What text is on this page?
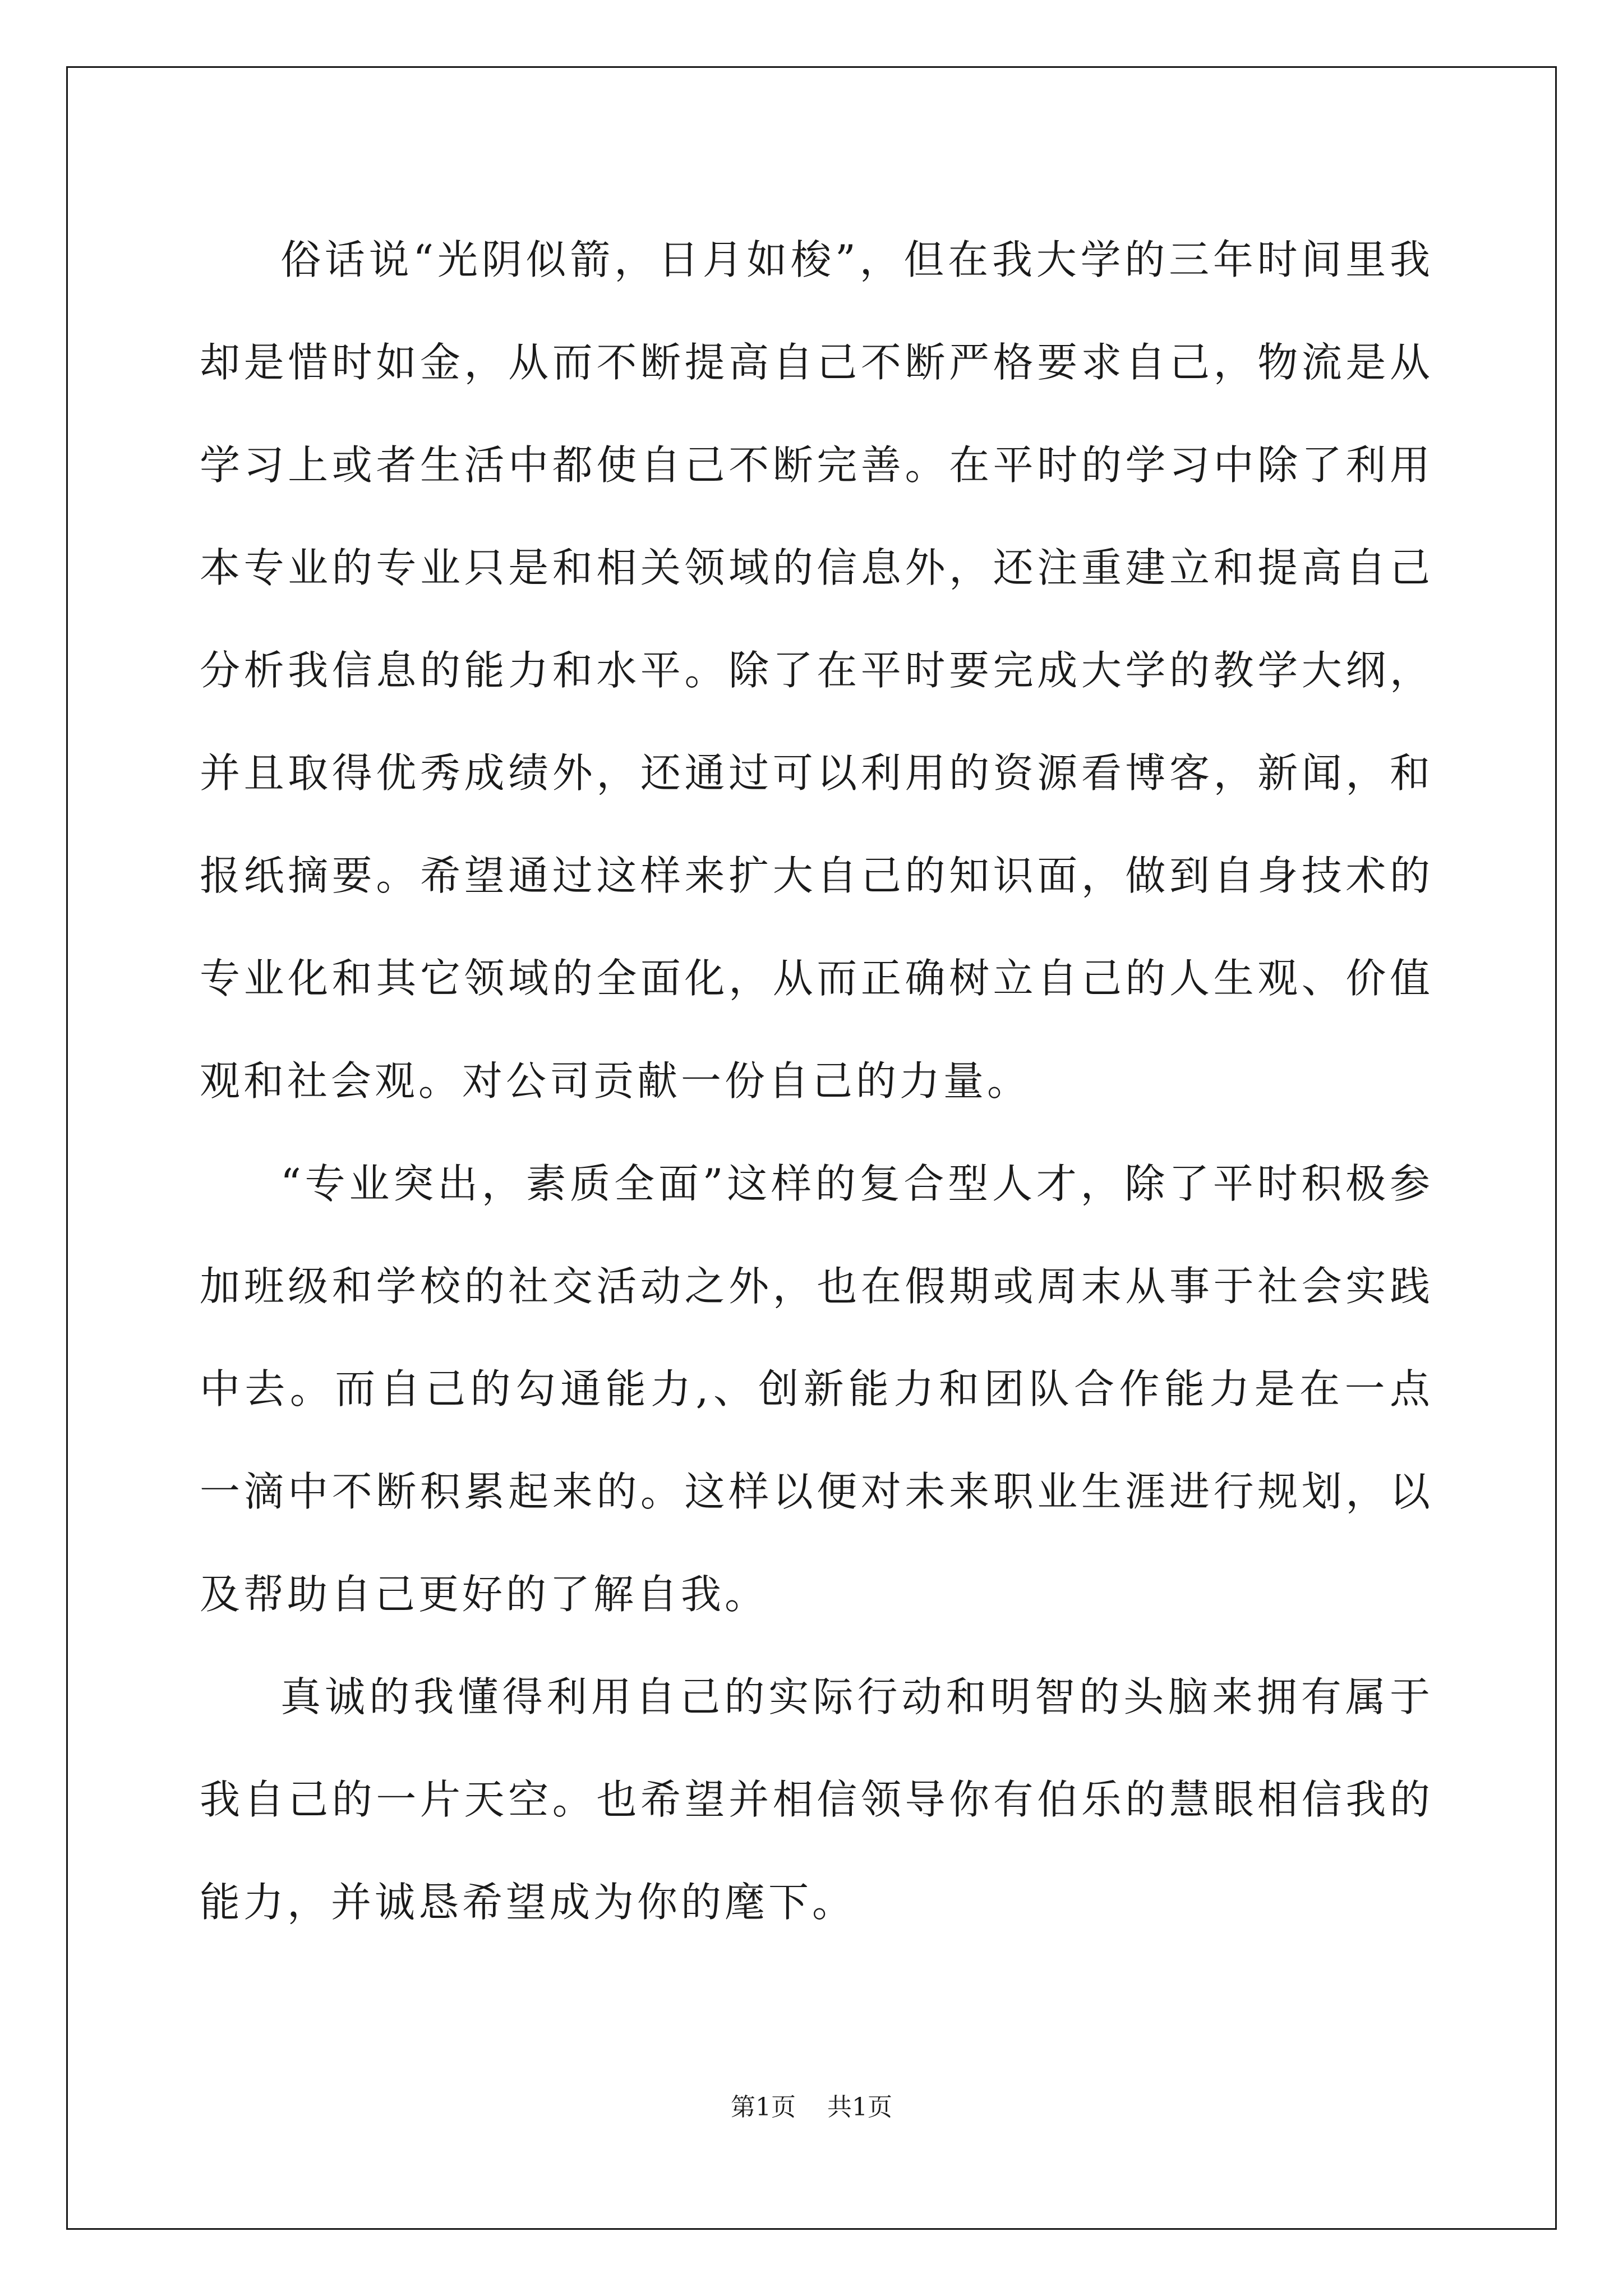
俗话说“光阴似箭，日月如梭”，但在我大学的三年时间里我却是惜时如金，从而不断提高自己不断严格要求自己，物流是从学习上或者生活中都使自己不断完善。在平时的学习中除了利用本专业的专业只是和相关领域的信息外，还注重建立和提高自己分析我信息的能力和水平。除了在平时要完成大学的教学大纲，并且取得优秀成绩外，还通过可以利用的资源看博客，新闻，和报纸摘要。希望通过这样来扩大自己的知识面，做到自身技术的专业化和其它领域的全面化，从而正确树立自己的人生观、价值观和社会观。对公司贡献一份自己的力量。

“专业突出，素质全面”这样的复合型人才，除了平时积极参加班级和学校的社交活动之外，也在假期或周末从事于社会实践中去。而自己的勾通能力,、创新能力和团队合作能力是在一点一滴中不断积累起来的。这样以便对未来职业生涯进行规划，以及帮助自己更好的了解自我。

真诚的我懂得利用自己的实际行动和明智的头脑来拥有属于我自己的一片天空。也希望并相信领导你有伯乐的慧眼相信我的能力，并诚恳希望成为你的麾下。

第1页 共1页
